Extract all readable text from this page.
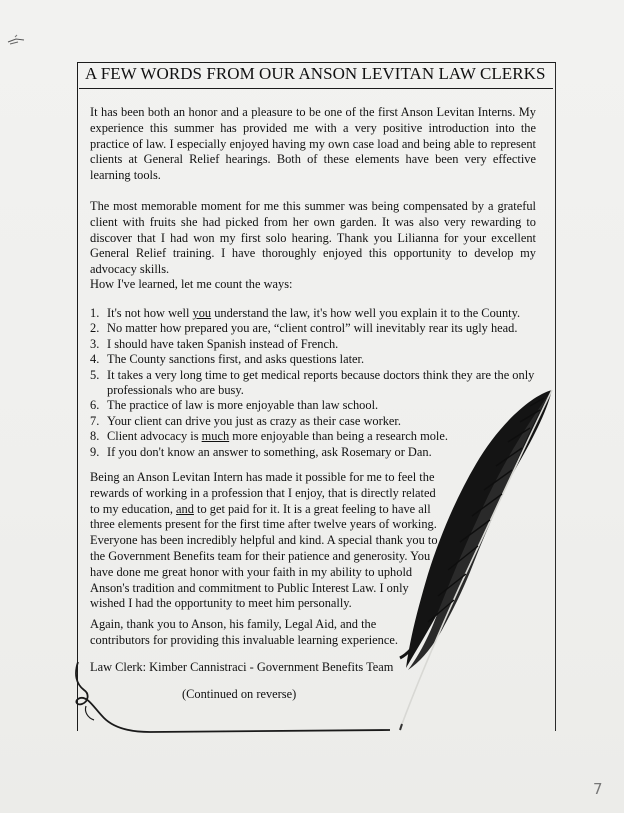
A FEW WORDS FROM OUR ANSON LEVITAN LAW CLERKS

It has been both an honor and a pleasure to be one of the first Anson Levitan Interns. My experience this summer has provided me with a very positive introduction into the practice of law. I especially enjoyed having my own case load and being able to represent clients at General Relief hearings. Both of these elements have been very effective learning tools.

The most memorable moment for me this summer was being compensated by a grateful client with fruits she had picked from her own garden. It was also very rewarding to discover that I had won my first solo hearing. Thank you Lilianna for your excellent General Relief training. I have thoroughly enjoyed this opportunity to develop my advocacy skills.

How I've learned, let me count the ways:

1. It's not how well you understand the law, it's how well you explain it to the County.
2. No matter how prepared you are, “client control” will inevitably rear its ugly head.
3. I should have taken Spanish instead of French.
4. The County sanctions first, and asks questions later.
5. It takes a very long time to get medical reports because doctors think they are the only professionals who are busy.
6. The practice of law is more enjoyable than law school.
7. Your client can drive you just as crazy as their case worker.
8. Client advocacy is much more enjoyable than being a research mole.
9. If you don't know an answer to something, ask Rosemary or Dan.

Being an Anson Levitan Intern has made it possible for me to feel the rewards of working in a profession that I enjoy, that is directly related to my education, and to get paid for it. It is a great feeling to have all three elements present for the first time after twelve years of working. Everyone has been incredibly helpful and kind. A special thank you to the Government Benefits team for their patience and generosity. You have done me great honor with your faith in my ability to uphold Anson's tradition and commitment to Public Interest Law. I only wished I had the opportunity to meet him personally.

Again, thank you to Anson, his family, Legal Aid, and the contributors for providing this invaluable learning experience.

Law Clerk: Kimber Cannistraci - Government Benefits Team

(Continued on reverse)
7
